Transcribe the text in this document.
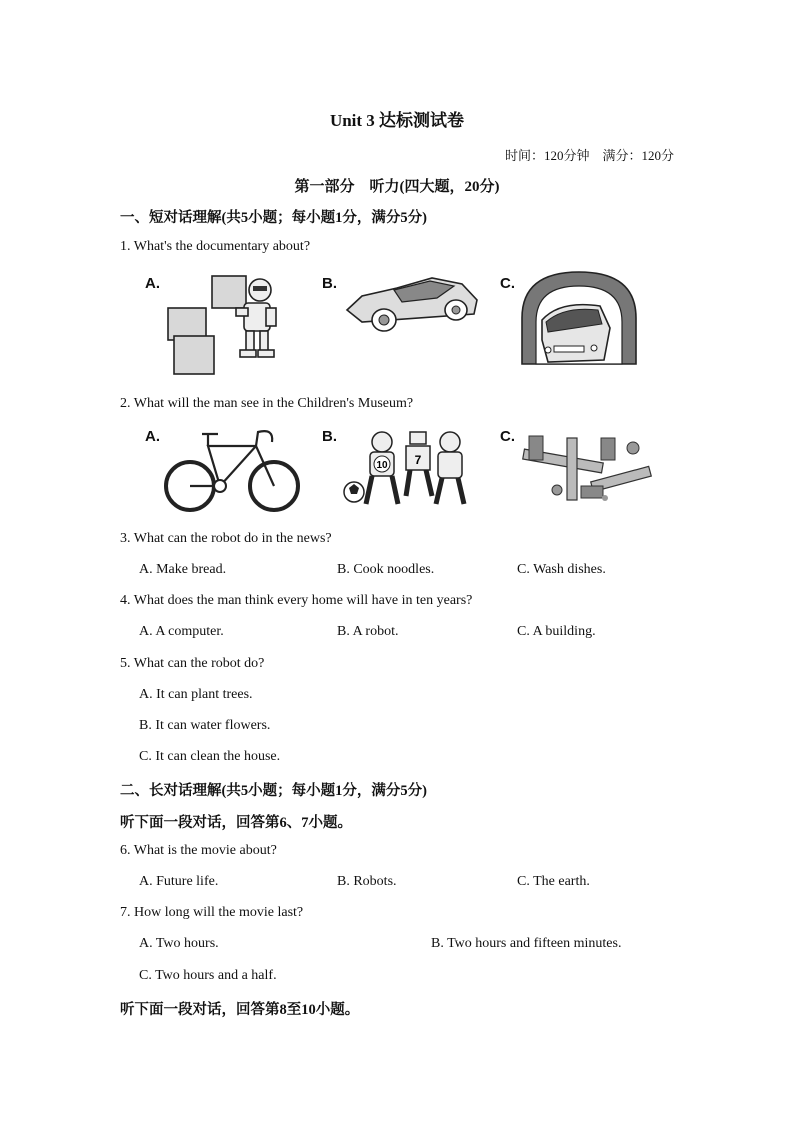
Unit 3 达标测试卷
时间：120分钟 满分：120分
第一部分　听力(四大题，20分)
一、短对话理解(共5小题；每小题1分，满分5分)
1. What's the documentary about?
A.	B.	C.
2. What will the man see in the Children's Museum?
A.	B.	C.
10 7
3. What can the robot do in the news?
A. Make bread.	B. Cook noodles.	C. Wash dishes.
4. What does the man think every home will have in ten years?
A. A computer.	B. A robot.	C. A building.
5. What can the robot do?
A. It can plant trees.
B. It can water flowers.
C. It can clean the house.
二、长对话理解(共5小题；每小题1分，满分5分)
听下面一段对话，回答第6、7小题。
6. What is the movie about?
A. Future life.	B. Robots.	C. The earth.
7. How long will the movie last?
A. Two hours.	B. Two hours and fifteen minutes.
C. Two hours and a half.
听下面一段对话，回答第8至10小题。
